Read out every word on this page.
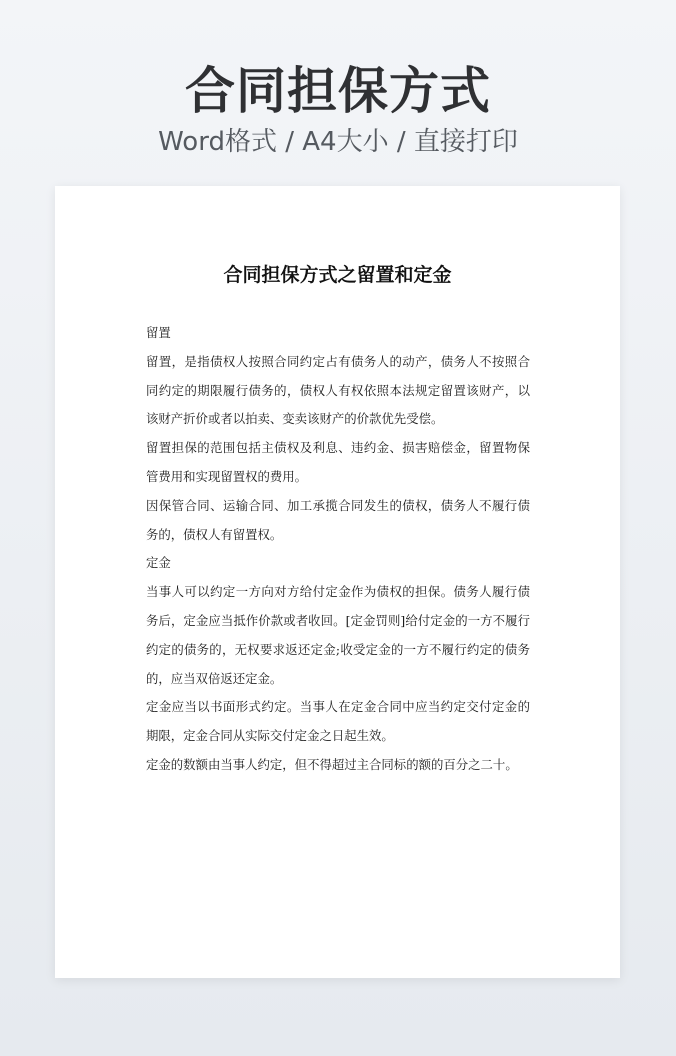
合同担保方式
Word格式 / A4大小 / 直接打印
合同担保方式之留置和定金

留置

留置，是指债权人按照合同约定占有债务人的动产，债务人不按照合同约定的期限履行债务的，债权人有权依照本法规定留置该财产，以该财产折价或者以拍卖、变卖该财产的价款优先受偿。

留置担保的范围包括主债权及利息、违约金、损害赔偿金，留置物保管费用和实现留置权的费用。

因保管合同、运输合同、加工承揽合同发生的债权，债务人不履行债务的，债权人有留置权。

定金

当事人可以约定一方向对方给付定金作为债权的担保。债务人履行债务后，定金应当抵作价款或者收回。[定金罚则]给付定金的一方不履行约定的债务的，无权要求返还定金;收受定金的一方不履行约定的债务的，应当双倍返还定金。

定金应当以书面形式约定。当事人在定金合同中应当约定交付定金的期限，定金合同从实际交付定金之日起生效。

定金的数额由当事人约定，但不得超过主合同标的额的百分之二十。
